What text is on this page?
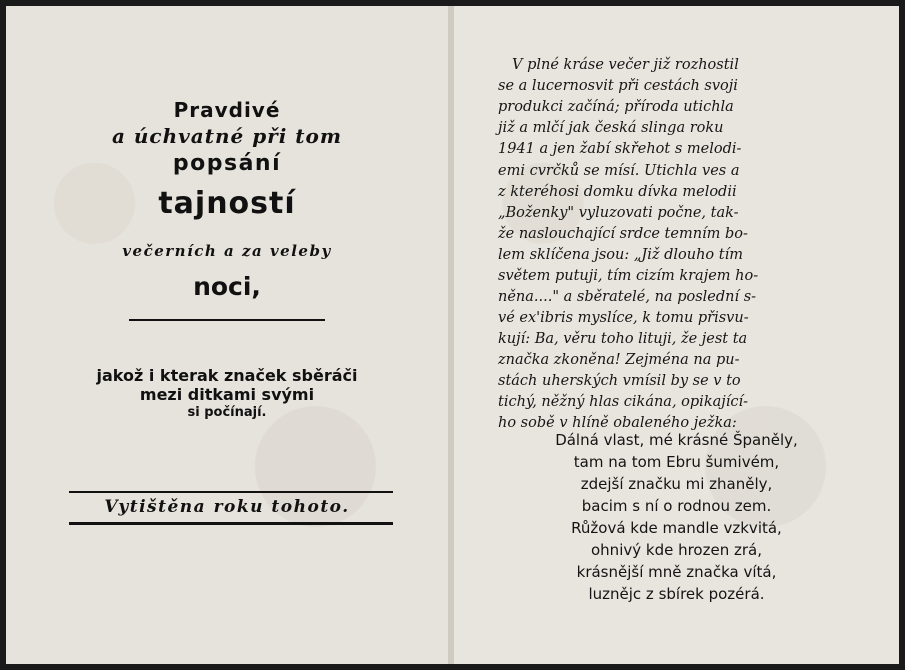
Pravdivé
a úchvatné při tom
popsání
tajností
večerních a za veleby
noci,
jakož i kterak značek sběráči
mezi ditkami svými
si počínají.
Vytištěna roku tohoto.
V plné kráse večer již rozhostil
se a lucernosvit při cestách svoji
produkci začíná; příroda utichla
již a mlčí jak česká slinga roku
1941 a jen žabí skřehot s melodi-
emi cvrčků se mísí. Utichla ves a
z kteréhosi domku dívka melodii
„Boženky" vyluzovati počne, tak-
že naslouchající srdce temním bo-
lem sklíčena jsou: „Již dlouho tím
světem putuji, tím cizím krajem ho-
něna...." a sběratelé, na poslední s-
vé ex'ibris myslíce, k tomu přisvu-
kují: Ba, věru toho lituji, že jest ta
značka zkoněna! Zejména na pu-
stách uherských vmísil by se v to
tichý, něžný hlas cikána, opikající-
ho sobě v hlíně obaleného ježka:
Dálná vlast, mé krásné Španěly,
tam na tom Ebru šumivém,
zdejší značku mi zhaněly,
bacim s ní o rodnou zem.
Růžová kde mandle vzkvitá,
ohnivý kde hrozen zrá,
krásnější mně značka vítá,
luznějc z sbírek pozérá.
